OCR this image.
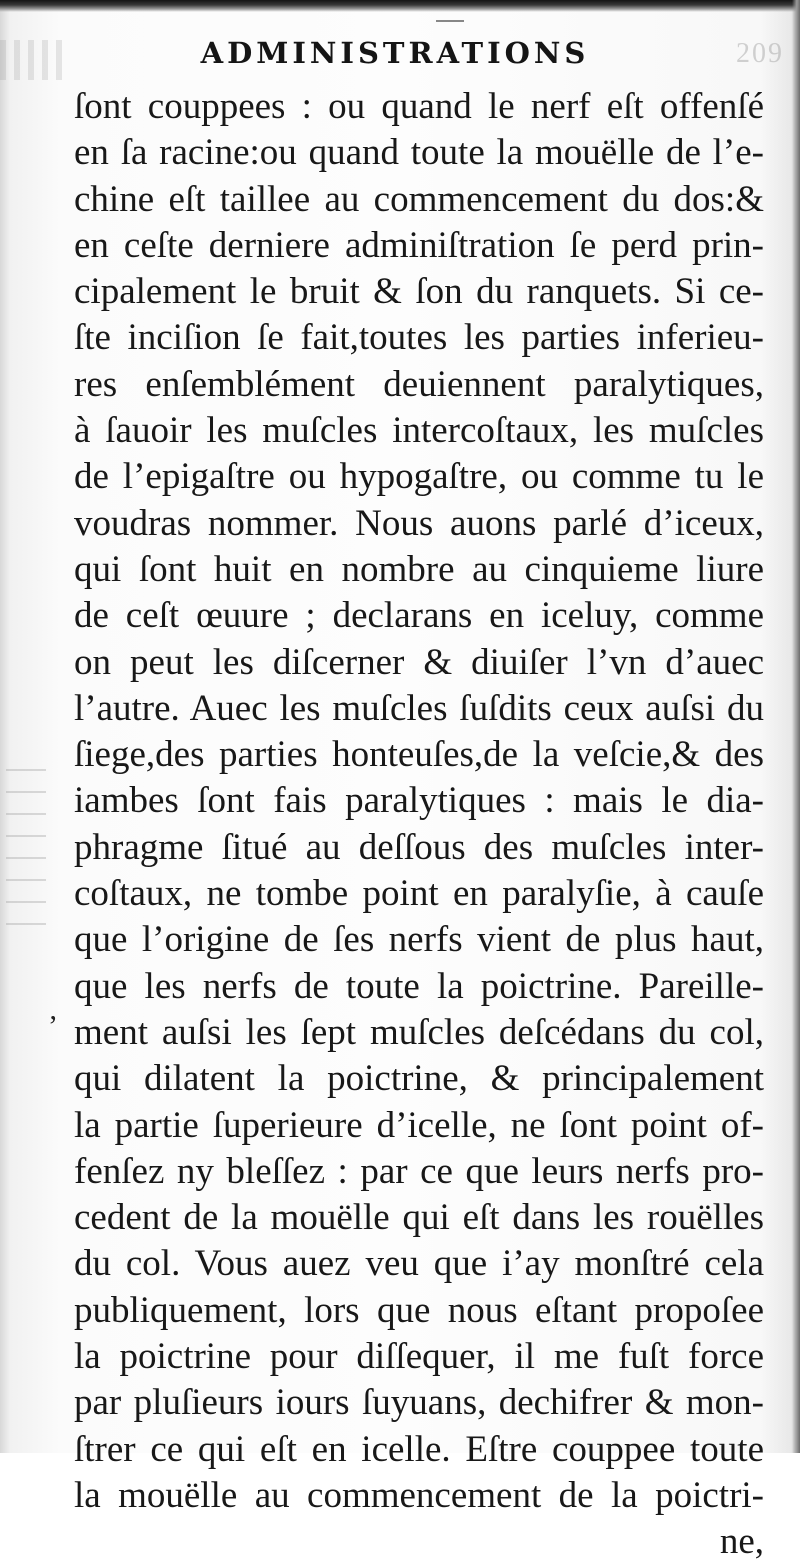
ADMINISTRATIONS	209
ʼ
ſont couppees : ou quand le nerf eſt offenſé
en ſa racine:ou quand toute la mouëlle de l’e-
chine eſt taillee au commencement du dos:&
en ceſte derniere adminiſtration ſe perd prin-
cipalement le bruit & ſon du ranquets. Si ce-
ſte inciſion ſe fait,toutes les parties inferieu-
res enſemblément deuiennent paralytiques,
à ſauoir les muſcles intercoſtaux, les muſcles
de l’epigaſtre ou hypogaſtre, ou comme tu le
voudras nommer. Nous auons parlé d’iceux,
qui ſont huit en nombre au cinquieme liure
de ceſt œuure ; declarans en iceluy, comme
on peut les diſcerner & diuiſer l’vn d’auec
l’autre. Auec les muſcles ſuſdits ceux auſsi du
ſiege,des parties honteuſes,de la veſcie,& des
iambes ſont fais paralytiques : mais le dia-
phragme ſitué au deſſous des muſcles inter-
coſtaux, ne tombe point en paralyſie, à cauſe
que l’origine de ſes nerfs vient de plus haut,
que les nerfs de toute la poictrine. Pareille-
ment auſsi les ſept muſcles deſcédans du col,
qui dilatent la poictrine, & principalement
la partie ſuperieure d’icelle, ne ſont point of-
fenſez ny bleſſez : par ce que leurs nerfs pro-
cedent de la mouëlle qui eſt dans les rouëlles
du col. Vous auez veu que i’ay monſtré cela
publiquement, lors que nous eſtant propoſee
la poictrine pour diſſequer, il me fuſt force
par pluſieurs iours ſuyuans, dechifrer & mon-
ſtrer ce qui eſt en icelle. Eſtre couppee toute
la mouëlle au commencement de la poictri-
ne,
